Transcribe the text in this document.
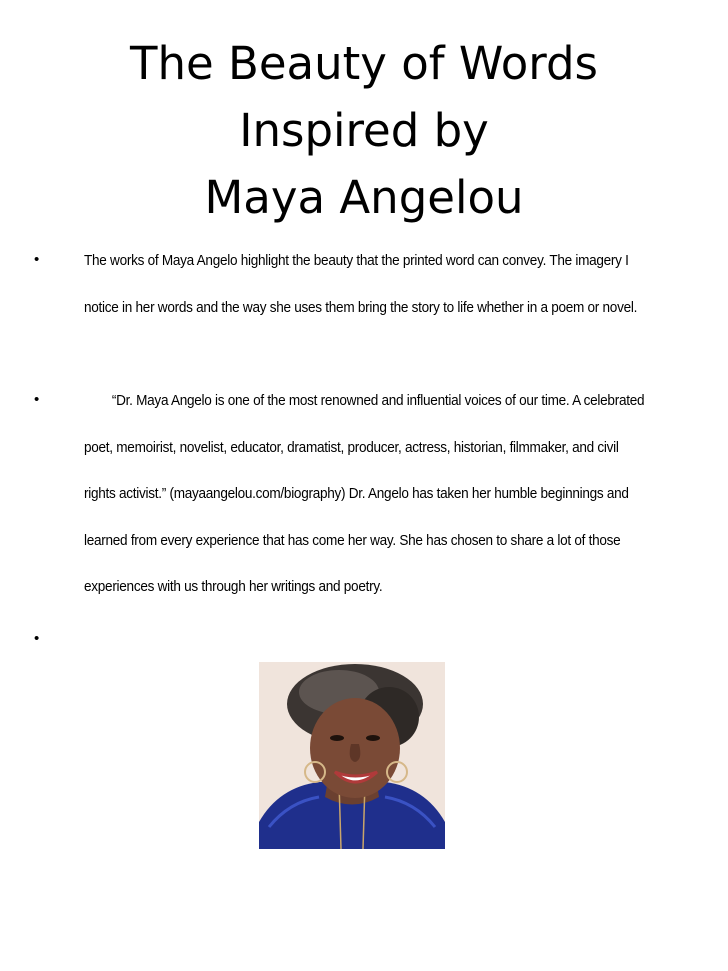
The Beauty of Words
Inspired by
Maya Angelou
•	The works of Maya Angelo highlight the beauty that the printed word can convey. The imagery I notice in her words and the way she uses them bring the story to life whether in a poem or novel.
•	“Dr. Maya Angelo is one of the most renowned and influential voices of our time. A celebrated poet, memoirist, novelist, educator, dramatist, producer, actress, historian, filmmaker, and civil rights activist.” (mayaangelou.com/biography) Dr. Angelo has taken her humble beginnings and learned from every experience that has come her way. She has chosen to share a lot of those experiences with us through her writings and poetry.
•
